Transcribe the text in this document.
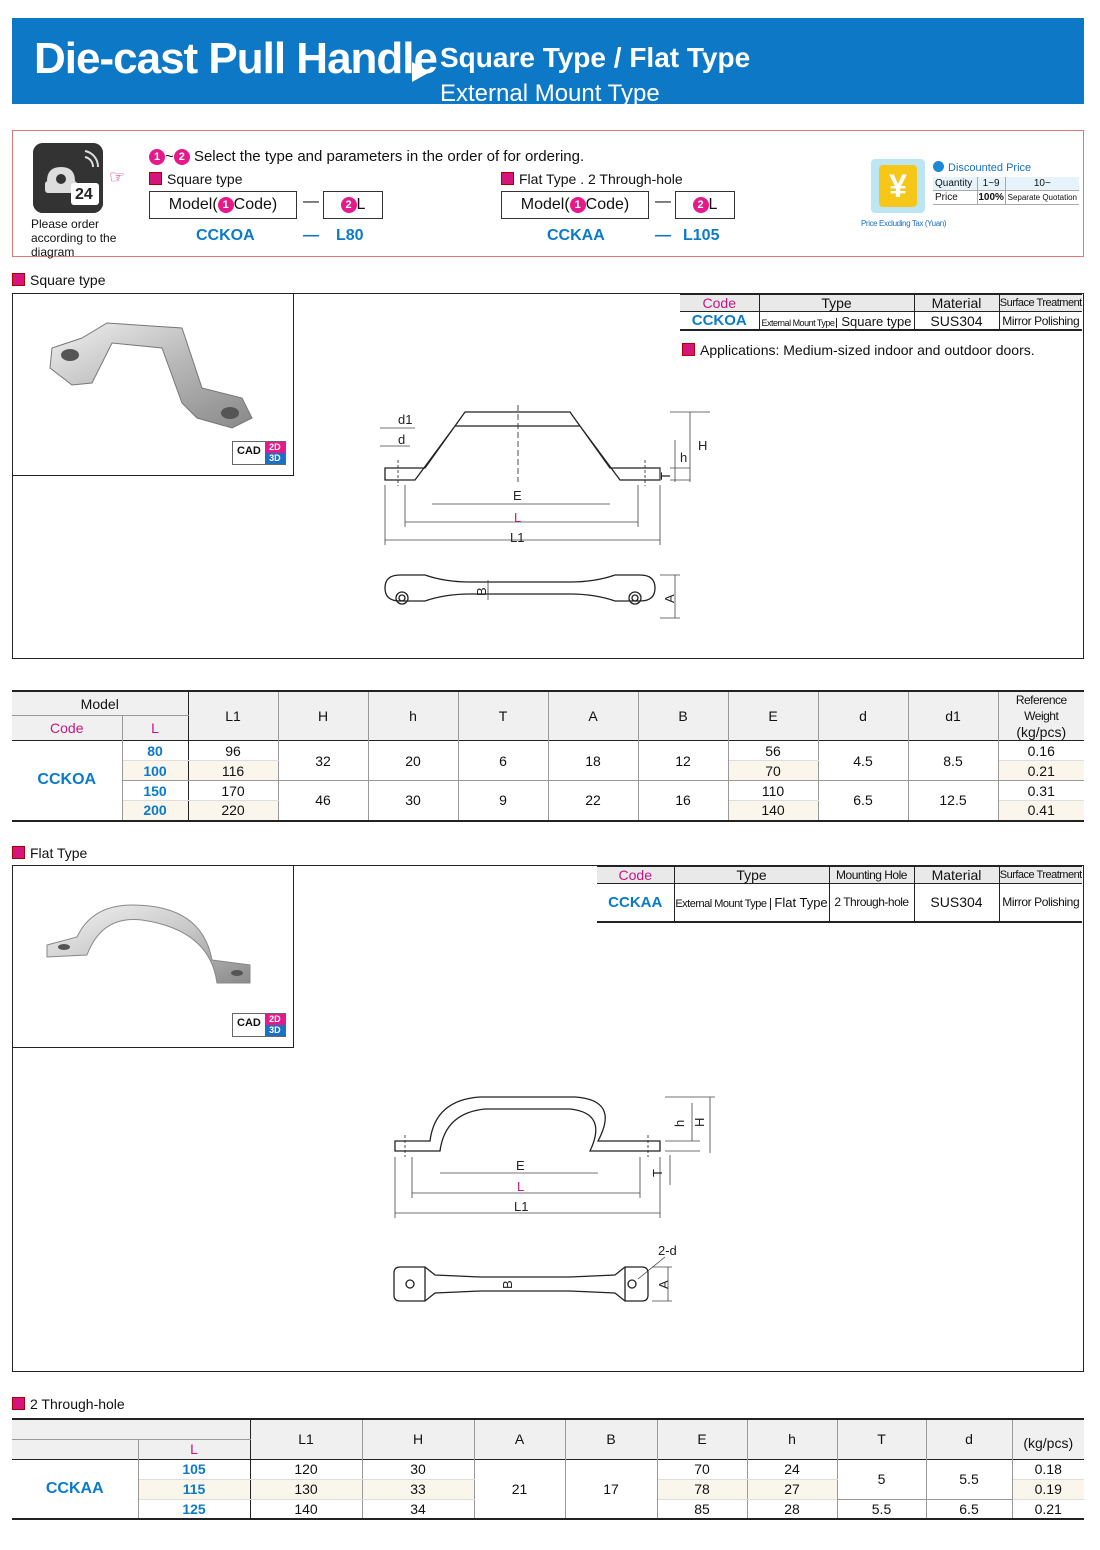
Die-cast Pull Handle Square Type / Flat Type
External Mount Type
24
Please order according to the diagram
☞
1 ~ 2 Select the type and parameters in the order of for ordering.
Square type
Model( 1 Code)	—	2 L
CCKOA	— L80
Flat Type . 2 Through-hole
Model( 1 Code)	—	2 L
CCKAA	— L105
¥
Price Excluding Tax (Yuan)
Discounted Price
Quantity	1~9	10~
Price	100%	Separate Quotation
Square type
CAD 2D
3D
Code	Type	Material	Surface Treatment
CCKOA	External Mount Type Square type	SUS304	Mirror Polishing
Applications: Medium-sized indoor and outdoor doors.
E
L
L1
d1
d
T
h
H
B
A
Model		L1	H	h	T	A	B	E	d	d1	Reference Weight
(kg/pcs)

Code	L										
CCKOA	80	96	32	20	6	18	12	56	4.5	8.5	0.16
	100	116						70			0.21
	150	170	46	30	9	22	16	110	6.5	12.5	0.31
	200	220						140			0.41
Flat Type
CAD 2D
3D
Code	Type	Mounting Hole	Material	Surface Treatment
CCKAA	External Mount Type Flat Type	2 Through-hole	SUS304	Mirror Polishing
E
L
L1
h H
T
2-d
B	A
2 Through-hole
		L1	H	A	B	E	h	T	d	(kg/pcs)
	L									
CCKAA	105	120	30	21	17	70	24	5	5.5	0.18
	115	130	33			78	27			0.19
	125	140	34			85	28	5.5	6.5	0.21
